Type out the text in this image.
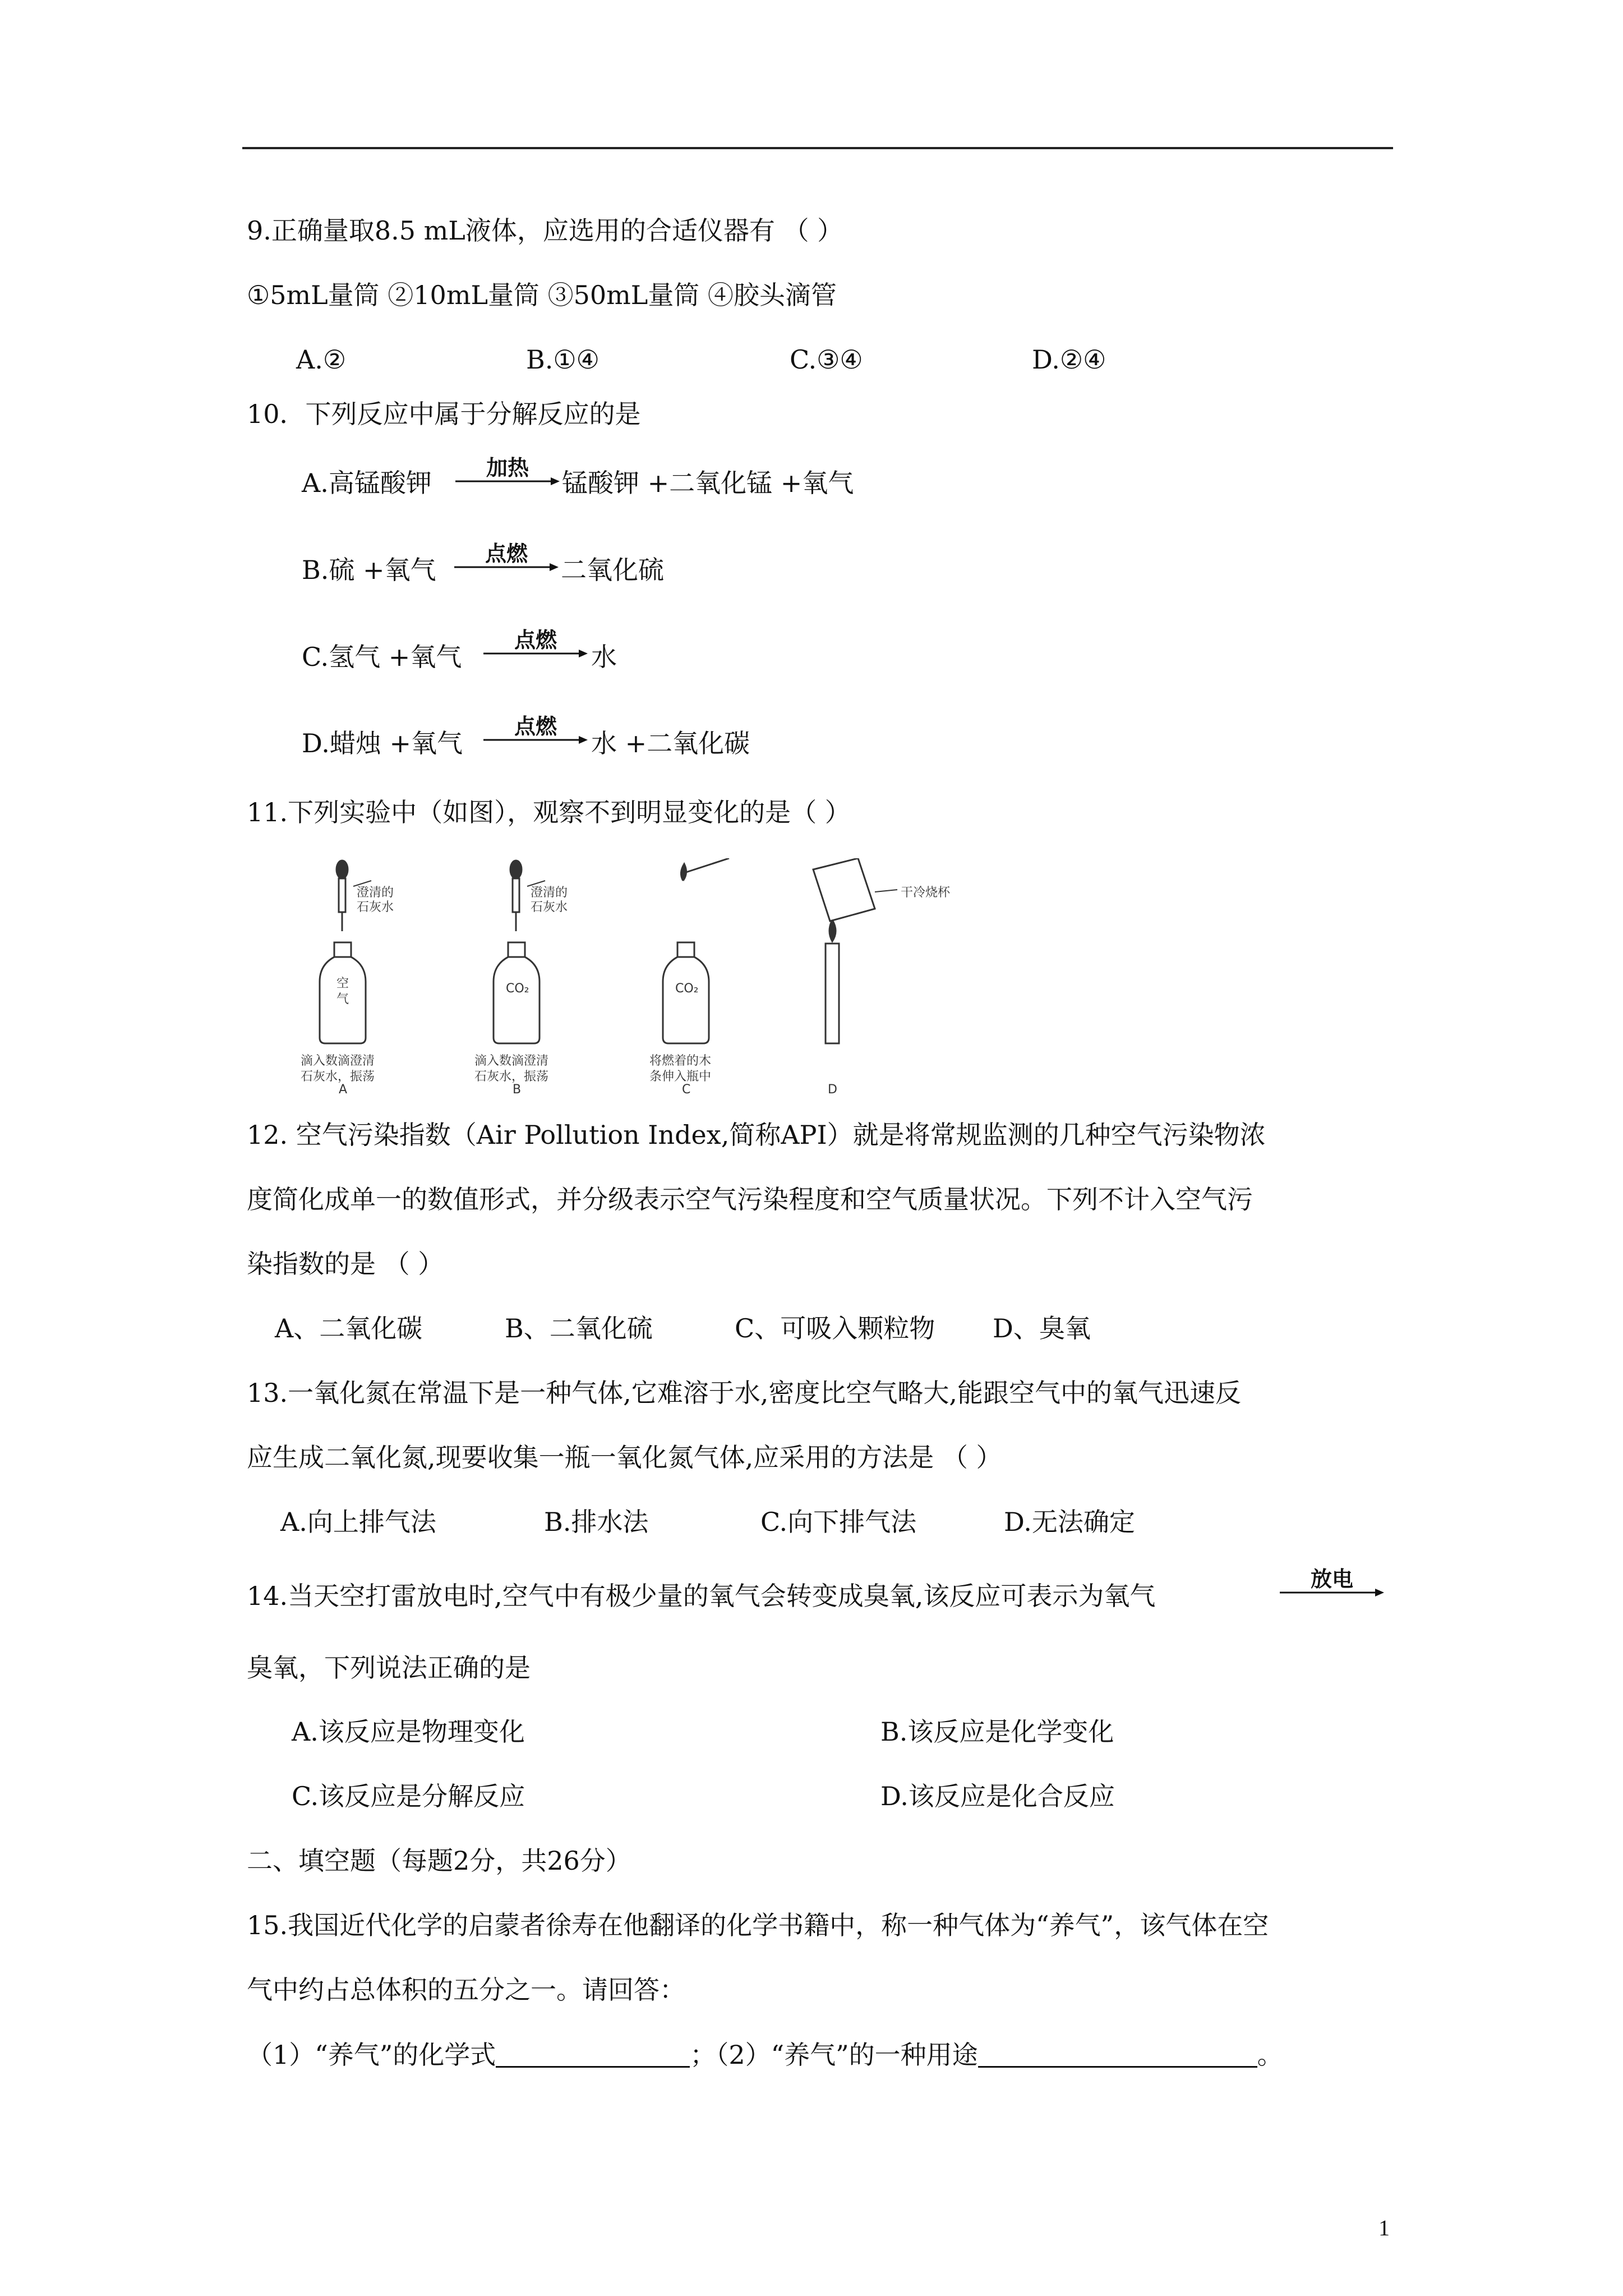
9.正确量取8.5 mL液体，应选用的合适仪器有 （ ）
①5mL量筒 ②10mL量筒 ③50mL量筒 ④胶头滴管
A.②	B.①④	C.③④	D.②④
10．下列反应中属于分解反应的是
A.高锰酸钾	加热	锰酸钾 +二氧化锰 +氧气
B.硫 +氧气
点燃
二氧化硫
C.氢气 +氧气
点燃
水
D.蜡烛 +氧气
点燃
水 +二氧化碳
11.下列实验中（如图），观察不到明显变化的是（ ）
澄清的
石灰水
空
气
滴入数滴澄清
石灰水，振荡
A
澄清的
石灰水
CO₂
滴入数滴澄清
石灰水，振荡
B
CO₂
将燃着的木
条伸入瓶中
C
干冷烧杯
D
12. 空气污染指数（Air Pollution Index,简称API）就是将常规监测的几种空气污染物浓
度简化成单一的数值形式，并分级表示空气污染程度和空气质量状况。下列不计入空气污
染指数的是 （ ）
A、二氧化碳	B、二氧化硫	C、可吸入颗粒物 D、臭氧
13.一氧化氮在常温下是一种气体,它难溶于水,密度比空气略大,能跟空气中的氧气迅速反
应生成二氧化氮,现要收集一瓶一氧化氮气体,应采用的方法是 （ ）
A.向上排气法	B.排水法	C.向下排气法	D.无法确定
14.当天空打雷放电时,空气中有极少量的氧气会转变成臭氧,该反应可表示为氧气
放电
臭氧，下列说法正确的是
A.该反应是物理变化	B.该反应是化学变化
C.该反应是分解反应	D.该反应是化合反应
二、填空题（每题2分，共26分）
15.我国近代化学的启蒙者徐寿在他翻译的化学书籍中，称一种气体为“养气”，该气体在空
气中约占总体积的五分之一。请回答：
（1）“养气”的化学式	；（2）“养气”的一种用途	。
1
